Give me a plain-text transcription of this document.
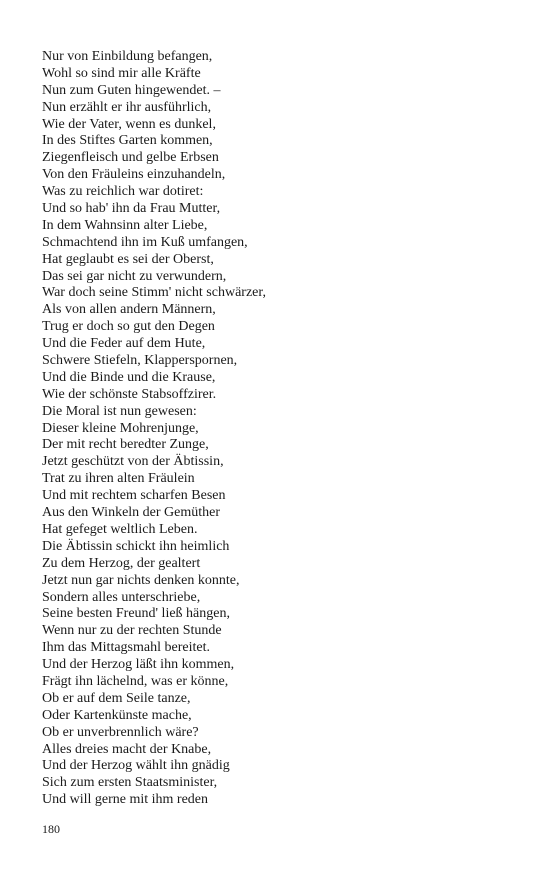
Nur von Einbildung befangen,
Wohl so sind mir alle Kräfte
Nun zum Guten hingewendet. –
Nun erzählt er ihr ausführlich,
Wie der Vater, wenn es dunkel,
In des Stiftes Garten kommen,
Ziegenfleisch und gelbe Erbsen
Von den Fräuleins einzuhandeln,
Was zu reichlich war dotiret:
Und so hab' ihn da Frau Mutter,
In dem Wahnsinn alter Liebe,
Schmachtend ihn im Kuß umfangen,
Hat geglaubt es sei der Oberst,
Das sei gar nicht zu verwundern,
War doch seine Stimm' nicht schwärzer,
Als von allen andern Männern,
Trug er doch so gut den Degen
Und die Feder auf dem Hute,
Schwere Stiefeln, Klapperspornen,
Und die Binde und die Krause,
Wie der schönste Stabsoffzirer.
Die Moral ist nun gewesen:
Dieser kleine Mohrenjunge,
Der mit recht beredter Zunge,
Jetzt geschützt von der Äbtissin,
Trat zu ihren alten Fräulein
Und mit rechtem scharfen Besen
Aus den Winkeln der Gemüther
Hat gefeget weltlich Leben.
Die Äbtissin schickt ihn heimlich
Zu dem Herzog, der gealtert
Jetzt nun gar nichts denken konnte,
Sondern alles unterschriebe,
Seine besten Freund' ließ hängen,
Wenn nur zu der rechten Stunde
Ihm das Mittagsmahl bereitet.
Und der Herzog läßt ihn kommen,
Frägt ihn lächelnd, was er könne,
Ob er auf dem Seile tanze,
Oder Kartenkünste mache,
Ob er unverbrennlich wäre?
Alles dreies macht der Knabe,
Und der Herzog wählt ihn gnädig
Sich zum ersten Staatsminister,
Und will gerne mit ihm reden
180
